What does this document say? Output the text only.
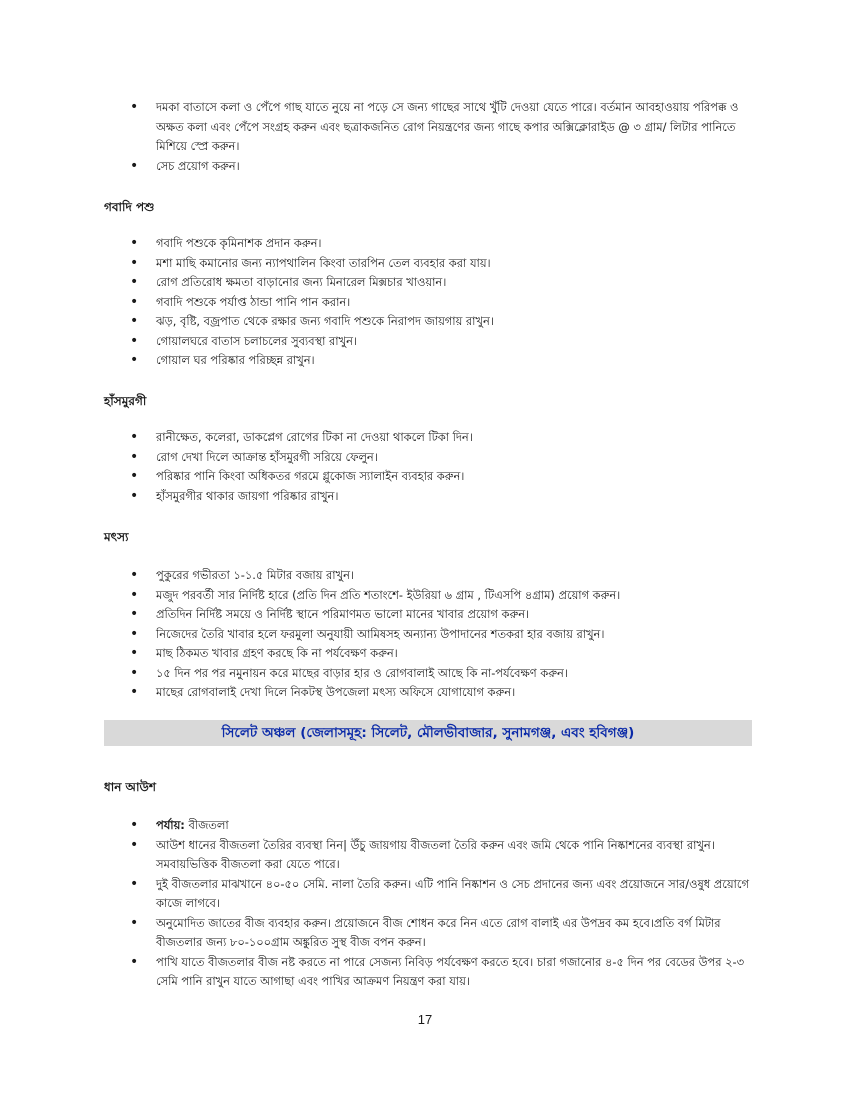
• দমকা বাতাসে কলা ও পেঁপে গাছ যাতে নুয়ে না পড়ে সে জন্য গাছের সাথে খুঁটি দেওয়া যেতে পারে। বর্তমান আবহাওয়ায় পরিপক্ক ও অক্ষত কলা এবং পেঁপে সংগ্রহ করুন এবং ছত্রাকজনিত রোগ নিয়ন্ত্রণের জন্য গাছে কপার অক্সিক্লোরাইড @ ৩ গ্রাম/ লিটার পানিতে মিশিয়ে স্প্রে করুন।
• সেচ প্রয়োগ করুন।
গবাদি পশু
• গবাদি পশুকে কৃমিনাশক প্রদান করুন।
• মশা মাছি কমানোর জন্য ন্যাপথালিন কিংবা তারপিন তেল ব্যবহার করা যায়।
• রোগ প্রতিরোধ ক্ষমতা বাড়ানোর জন্য মিনারেল মিক্সচার খাওয়ান।
• গবাদি পশুকে পর্যাপ্ত ঠান্ডা পানি পান করান।
• ঝড়, বৃষ্টি, বজ্রপাত থেকে রক্ষার জন্য গবাদি পশুকে নিরাপদ জায়গায় রাখুন।
• গোয়ালঘরে বাতাস চলাচলের সুব্যবস্থা রাখুন।
• গোয়াল ঘর পরিষ্কার পরিচ্ছন্ন রাখুন।
হাঁসমুরগী
• রানীক্ষেত, কলেরা, ডাকপ্লেগ রোগের টিকা না দেওয়া থাকলে টিকা দিন।
• রোগ দেখা দিলে আক্রান্ত হাঁসমুরগী সরিয়ে ফেলুন।
• পরিষ্কার পানি কিংবা অধিকতর গরমে গ্লুকোজ স্যালাইন ব্যবহার করুন।
• হাঁসমুরগীর থাকার জায়গা পরিষ্কার রাখুন।
মৎস্য
• পুকুরের গভীরতা ১-১.৫ মিটার বজায় রাখুন।
• মজুদ পরবর্তী সার নির্দিষ্ট হারে (প্রতি দিন প্রতি শতাংশে- ইউরিয়া ৬ গ্রাম , টিএসপি ৪গ্রাম) প্রয়োগ করুন।
• প্রতিদিন নির্দিষ্ট সময়ে ও নির্দিষ্ট স্থানে পরিমাণমত ভালো মানের খাবার প্রয়োগ করুন।
• নিজেদের তৈরি খাবার হলে ফরমুলা অনুযায়ী আমিষসহ অন্যান্য উপাদানের শতকরা হার বজায় রাখুন।
• মাছ ঠিকমত খাবার গ্রহণ করছে কি না পর্যবেক্ষণ করুন।
• ১৫ দিন পর পর নমুনায়ন করে মাছের বাড়ার হার ও রোগবালাই আছে কি না-পর্যবেক্ষণ করুন।
• মাছের রোগবালাই দেখা দিলে নিকটস্থ উপজেলা মৎস্য অফিসে যোগাযোগ করুন।
সিলেট অঞ্চল (জেলাসমূহ: সিলেট, মৌলভীবাজার, সুনামগঞ্জ, এবং হবিগঞ্জ)
ধান আউশ
• পর্যায়: বীজতলা
• আউশ ধানের বীজতলা তৈরির ব্যবস্থা নিন| উঁচু জায়গায় বীজতলা তৈরি করুন এবং জমি থেকে পানি নিষ্কাশনের ব্যবস্থা রাখুন। সমবায়ভিত্তিক বীজতলা করা যেতে পারে।
• দুই বীজতলার মাঝখানে ৪০-৫০ সেমি. নালা তৈরি করুন। এটি পানি নিষ্কাশন ও সেচ প্রদানের জন্য এবং প্রয়োজনে সার/ওষুধ প্রয়োগে কাজে লাগবে।
• অনুমোদিত জাতের বীজ ব্যবহার করুন। প্রয়োজনে বীজ শোধন করে নিন এতে রোগ বালাই এর উপদ্রব কম হবে।প্রতি বর্গ মিটার বীজতলার জন্য ৮০-১০০গ্রাম অঙ্কুরিত সুস্থ বীজ বপন করুন।
• পাখি যাতে বীজতলার বীজ নষ্ট করতে না পারে সেজন্য নিবিড় পর্যবেক্ষণ করতে হবে। চারা গজানোর ৪-৫ দিন পর বেডের উপর ২-৩ সেমি পানি রাখুন যাতে আগাছা এবং পাখির আক্রমণ নিয়ন্ত্রণ করা যায়।
17
